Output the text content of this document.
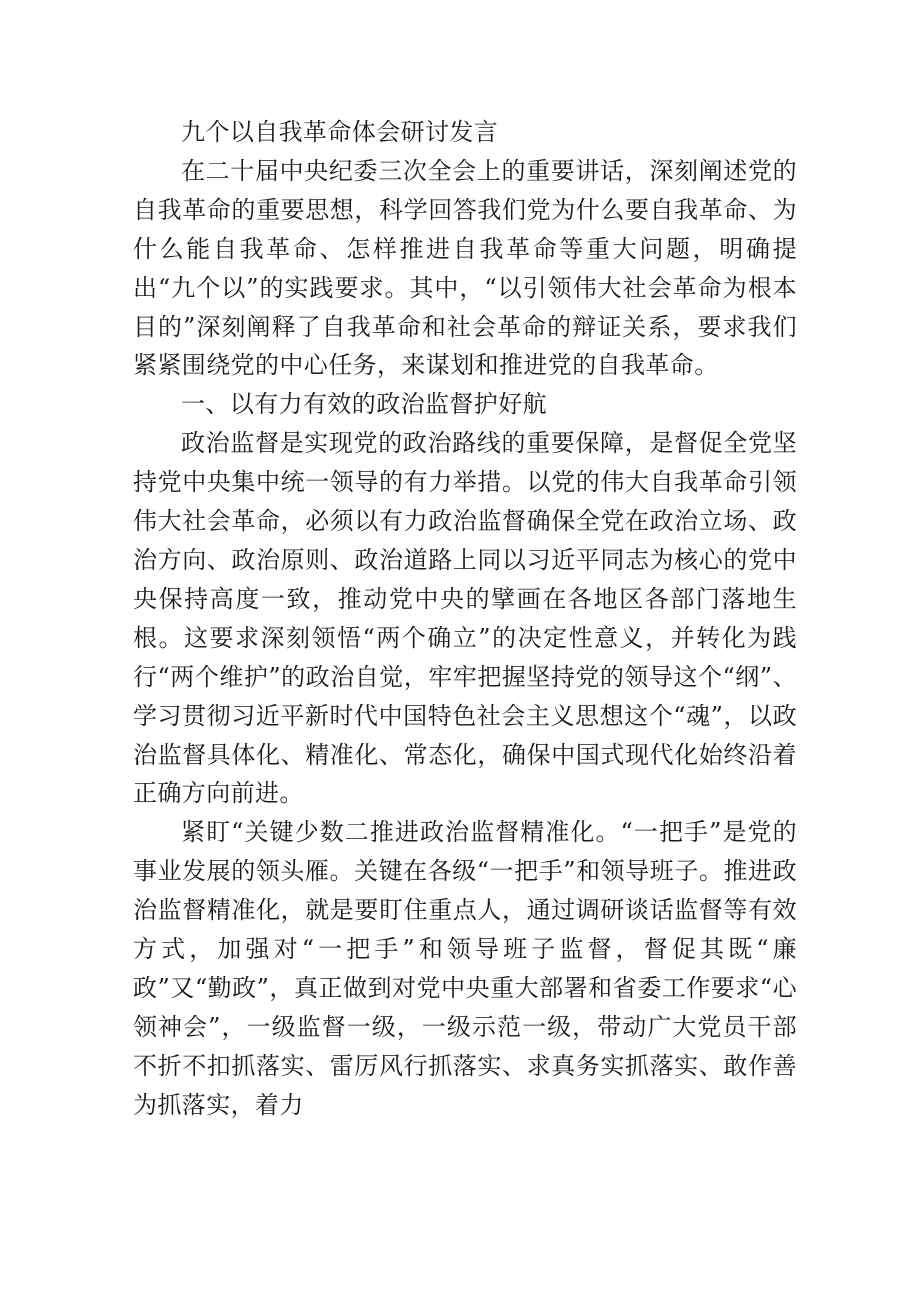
九个以自我革命体会研讨发言

在二十届中央纪委三次全会上的重要讲话，深刻阐述党的自我革命的重要思想，科学回答我们党为什么要自我革命、为什么能自我革命、怎样推进自我革命等重大问题，明确提出“九个以”的实践要求。其中，“以引领伟大社会革命为根本目的”深刻阐释了自我革命和社会革命的辩证关系，要求我们紧紧围绕党的中心任务，来谋划和推进党的自我革命。

一、以有力有效的政治监督护好航

政治监督是实现党的政治路线的重要保障，是督促全党坚持党中央集中统一领导的有力举措。以党的伟大自我革命引领伟大社会革命，必须以有力政治监督确保全党在政治立场、政治方向、政治原则、政治道路上同以习近平同志为核心的党中央保持高度一致，推动党中央的擘画在各地区各部门落地生根。这要求深刻领悟“两个确立”的决定性意义，并转化为践行“两个维护”的政治自觉，牢牢把握坚持党的领导这个“纲”、学习贯彻习近平新时代中国特色社会主义思想这个“魂”，以政治监督具体化、精准化、常态化，确保中国式现代化始终沿着正确方向前进。

紧盯“关键少数二推进政治监督精准化。“一把手”是党的事业发展的领头雁。关键在各级“一把手”和领导班子。推进政治监督精准化，就是要盯住重点人，通过调研谈话监督等有效方式，加强对“一把手”和领导班子监督，督促其既“廉政”又“勤政”，真正做到对党中央重大部署和省委工作要求“心领神会”，一级监督一级，一级示范一级，带动广大党员干部不折不扣抓落实、雷厉风行抓落实、求真务实抓落实、敢作善为抓落实，着力
